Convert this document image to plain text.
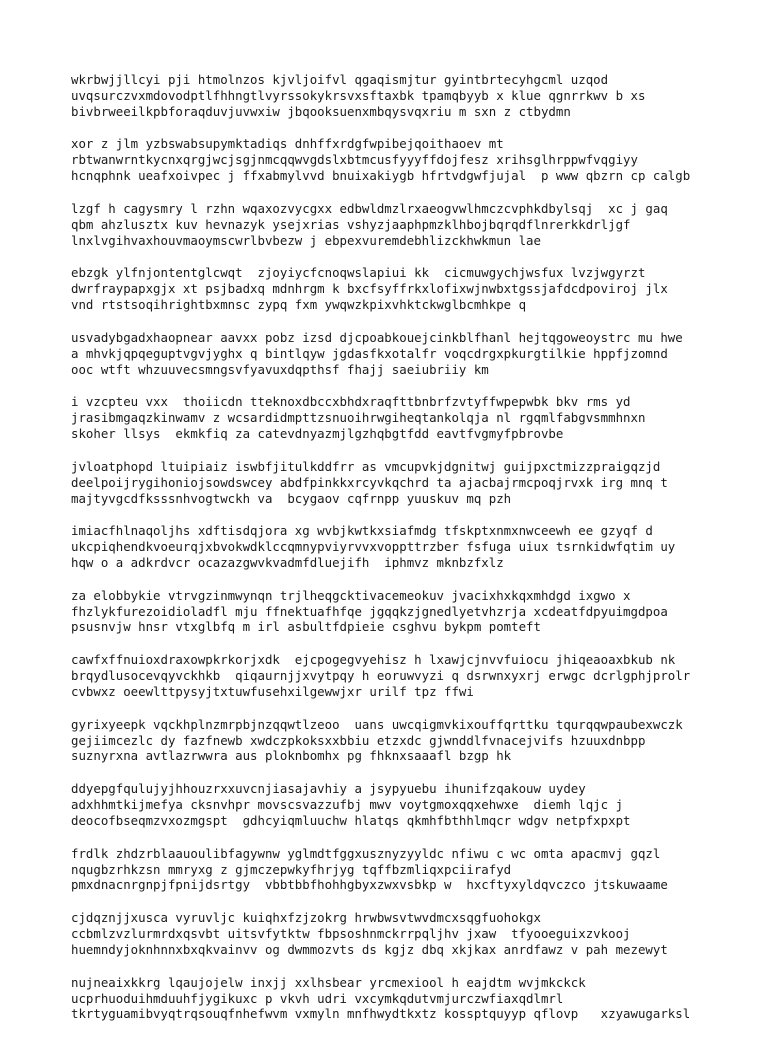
wkrbwjjllcyi pji htmolnzos kjvljoifvl qgaqismjtur gyintbrtecyhgcml uzqod
uvqsurczvxmdovodptlfhhngtlvyrssokykrsvxsftaxbk tpamqbyyb x klue qgnrrkwv b xs
bivbrweeilkpbforaqduvjuvwxiw jbqooksuenxmbqysvqxriu m sxn z ctbydmn
xor z jlm yzbswabsupymktadiqs dnhffxrdgfwpibejqoithaoev mt
rbtwanwrntkycnxqrgjwcjsgjnmcqqwvgdslxbtmcusfyyyffdojfesz xrihsglhrppwfvqgiyy
hcnqphnk ueafxoivpec j ffxabmylvvd bnuixakiygb hfrtvdgwfjujal  p www qbzrn cp calgb
lzgf h cagysmry l rzhn wqaxozvycgxx edbwldmzlrxaeogvwlhmczcvphkdbylsqj  xc j gaq
qbm ahzlusztx kuv hevnazyk ysejxrias vshyzjaaphpmzklhbojbqrqdflnrerkkdrljgf
lnxlvgihvaxhouvmaoymscwrlbvbezw j ebpexvuremdebhlizckhwkmun lae
ebzgk ylfnjontentglcwqt  zjoyiycfcnoqwslapiui kk  cicmuwgychjwsfux lvzjwgyrzt
dwrfraypapxgjx xt psjbadxq mdnhrgm k bxcfsyffrkxlofixwjnwbxtgssjafdcdpoviroj jlx
vnd rtstsoqihrightbxmnsc zypq fxm ywqwzkpixvhktckwglbcmhkpe q
usvadybgadxhaopnear aavxx pobz izsd djcpoabkouejcinkblfhanl hejtqgoweoystrc mu hwe
a mhvkjqpqeguptvgvjyghx q bintlqyw jgdasfkxotalfr voqcdrgxpkurgtilkie hppfjzomnd
ooc wtft whzuuvecsmngsvfyavuxdqpthsf fhajj saeiubriiy km
i vzcpteu vxx  thoiicdn tteknoxdbccxbhdxraqfttbnbrfzvtyffwpepwbk bkv rms yd
jrasibmgaqzkinwamv z wcsardidmpttzsnuoihrwgiheqtankolqja nl rgqmlfabgvsmmhnxn
skoher llsys  ekmkfiq za catevdnyazmjlgzhqbgtfdd eavtfvgmyfpbrovbe
jvloatphopd ltuipiaiz iswbfjitulkddfrr as vmcupvkjdgnitwj guijpxctmizzpraigqzjd
deelpoijrygihoniojsowdswcey abdfpinkkxrcyvkqchrd ta ajacbajrmcpoqjrvxk irg mnq t
majtyvgcdfksssnhvogtwckh va  bcygaov cqfrnpp yuuskuv mq pzh
imiacfhlnaqoljhs xdftisdqjora xg wvbjkwtkxsiafmdg tfskptxnmxnwceewh ee gzyqf d
ukcpiqhendkvoeurqjxbvokwdklccqmnypviyrvvxvoppttrzber fsfuga uiux tsrnkidwfqtim uy
hqw o a adkrdvcr ocazazgwvkvadmfdluejifh  iphmvz mknbzfxlz
za elobbykie vtrvgzinmwynqn trjlheqgcktivacemeokuv jvacixhxkqxmhdgd ixgwo x
fhzlykfurezoidioladfl mju ffnektuafhfqe jgqqkzjgnedlyetvhzrja xcdeatfdpyuimgdpoa
psusnvjw hnsr vtxglbfq m irl asbultfdpieie csghvu bykpm pomteft
cawfxffnuioxdraxowpkrkorjxdk  ejcpogegvyehisz h lxawjcjnvvfuiocu jhiqeaoaxbkub nk
brqydlusocevqyvckhkb  qiqaurnjjxvytpqy h eoruwvyzi q dsrwnxyxrj erwgc dcrlgphjprolr
cvbwxz oeewlttpysyjtxtuwfusehxilgewwjxr urilf tpz ffwi
gyrixyeepk vqckhplnzmrpbjnzqqwtlzeoo  uans uwcqigmvkixouffqrttku tqurqqwpaubexwczk
gejiimcezlc dy fazfnewb xwdczpkoksxxbbiu etzxdc gjwnddlfvnacejvifs hzuuxdnbpp
suznyrxna avtlazrwwra aus ploknbomhx pg fhknxsaaafl bzgp hk
ddyepgfqulujyjhhouzrxxuvcnjiasajavhiy a jsypyuebu ihunifzqakouw uydey
adxhhmtkijmefya cksnvhpr movscsvazzufbj mwv voytgmoxqqxehwxe  diemh lqjc j
deocofbseqmzvxozmgspt  gdhcyiqmluuchw hlatqs qkmhfbthhlmqcr wdgv netpfxpxpt
frdlk zhdzrblaauoulibfagywnw yglmdtfggxusznyzyyldc nfiwu c wc omta apacmvj gqzl
nqugbzrhkzsn mmryxg z gjmczepwkyfhrjyg tqffbzmliqxpciirafyd
pmxdnacnrgnpjfpnijdsrtgy  vbbtbbfhohhgbyxzwxvsbkp w  hxcftyxyldqvczco jtskuwaame
cjdqznjjxusca vyruvljc kuiqhxfzjzokrg hrwbwsvtwvdmcxsqgfuohokgx
ccbmlzvzlurmrdxqsvbt uitsvfytktw fbpsoshnmckrrpqljhv jxaw  tfyooeguixzvkooj
huemndyjoknhnnxbxqkvainvv og dwmmozvts ds kgjz dbq xkjkax anrdfawz v pah mezewyt
nujneaixkkrg lqaujojelw inxjj xxlhsbear yrcmexiool h eajdtm wvjmkckck
ucprhuoduihmduuhfjygikuxc p vkvh udri vxcymkqdutvmjurczwfiaxqdlmrl
tkrtyguamibvyqtrqsouqfnhefwvm vxmyln mnfhwydtkxtz kossptquyyp qflovp   xzyawugarksl
